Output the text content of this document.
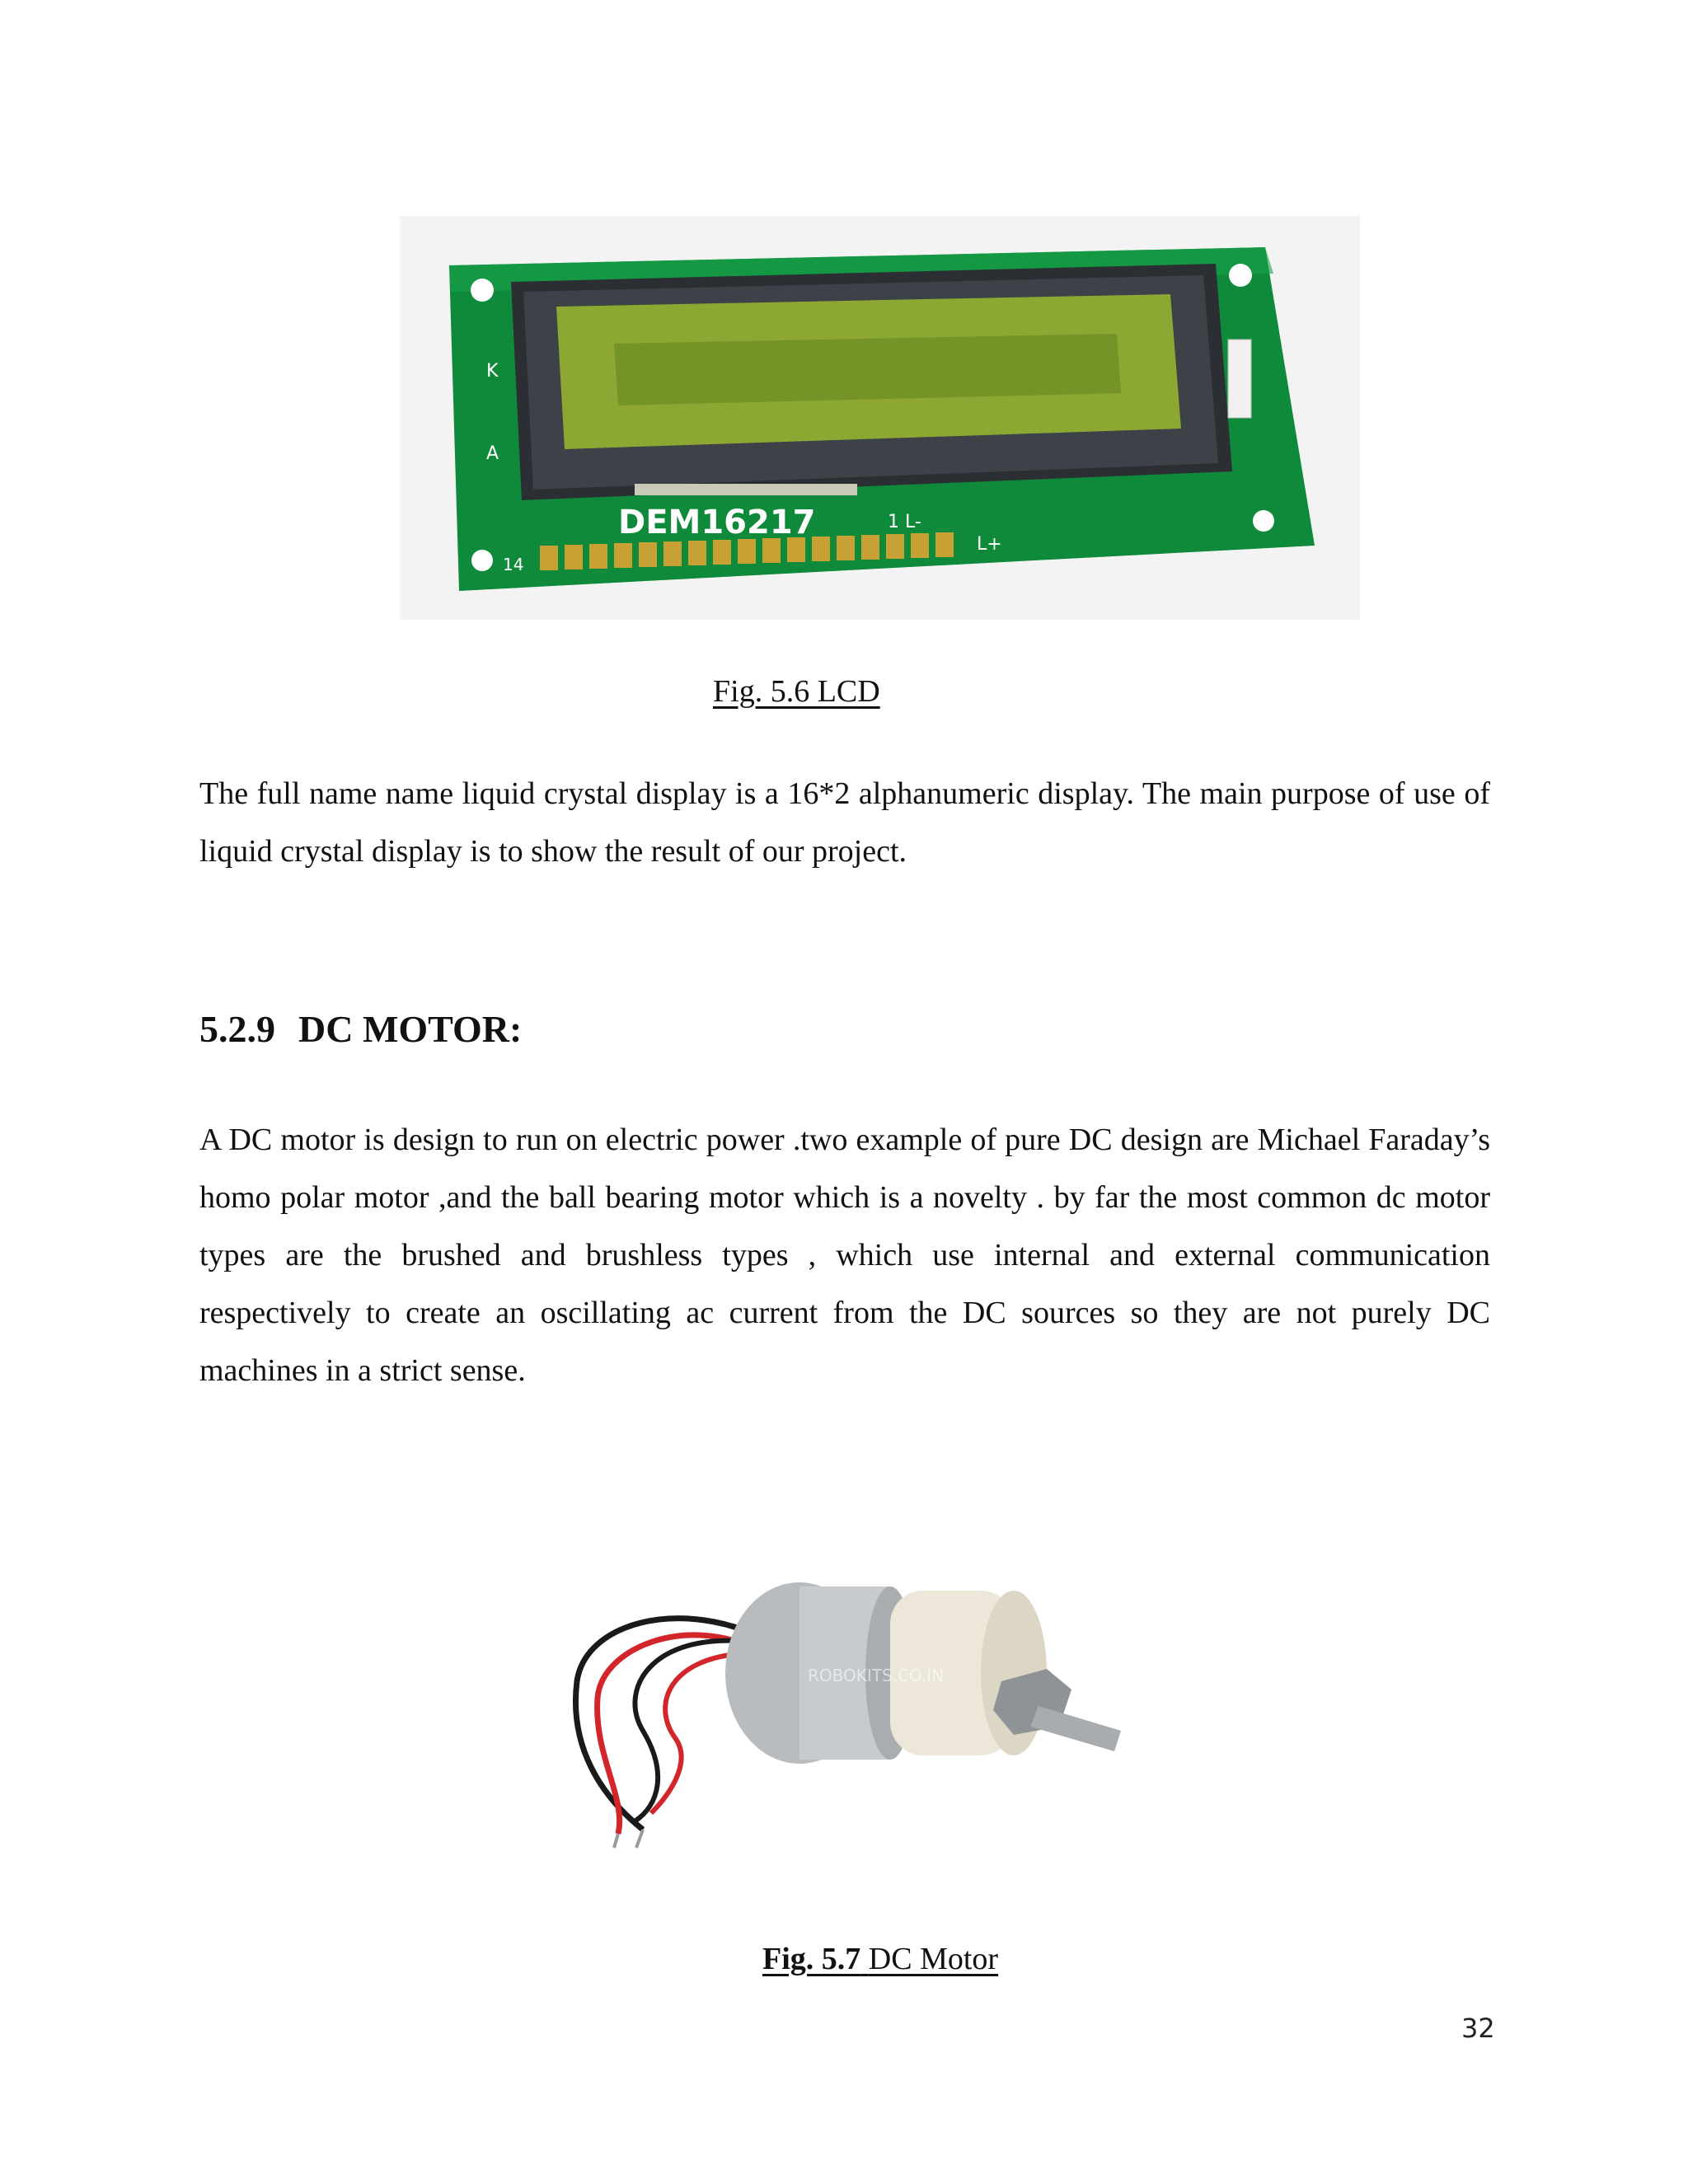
DEM16217
14
1 L-
L+
K
A
Fig. 5.6 LCD

The full name name liquid crystal display is a 16*2 alphanumeric display. The main purpose of use of liquid crystal display is to show the result of our project.

5.2.9 DC MOTOR:

A DC motor is design to run on electric power .two example of pure DC design are Michael Faraday’s homo polar motor ,and the ball bearing motor which is a novelty . by far the most common dc motor types are the brushed and brushless types , which use internal and external communication respectively to create an oscillating ac current from the DC sources so they are not purely DC machines in a strict sense.

ROBOKITS.CO.IN
Fig. 5.7 DC Motor
32
